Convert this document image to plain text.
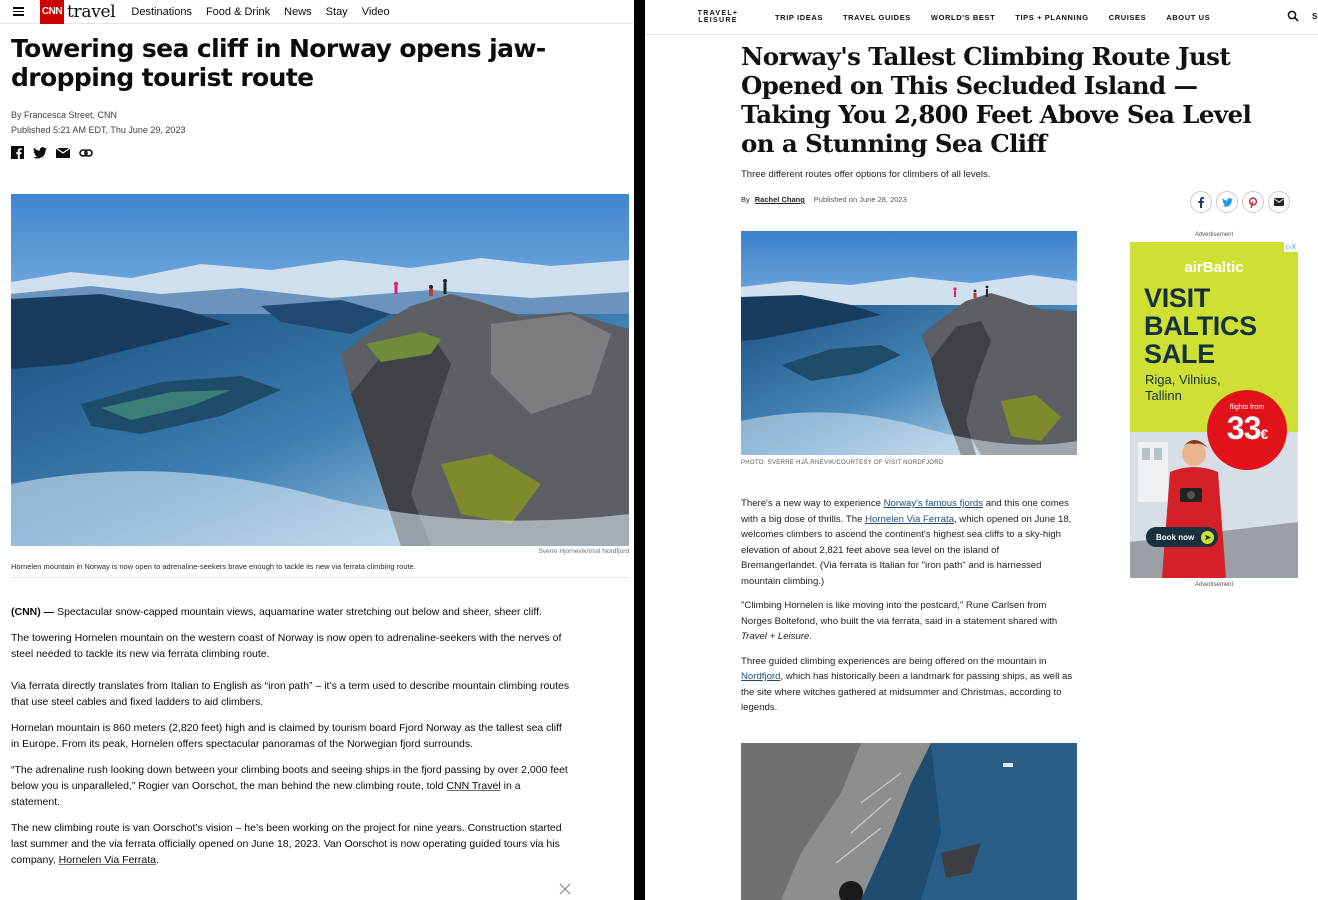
CNN travel Destinations Food & Drink News Stay Video
Towering sea cliff in Norway opens jaw-dropping tourist route
By Francesca Street, CNN
Published 5:21 AM EDT, Thu June 29, 2023
Sverre Hjornevik/Visit Nordfjord
Hornelen mountain in Norway is now open to adrenaline-seekers brave enough to tackle its new via ferrata climbing route.

(CNN) — Spectacular snow-capped mountain views, aquamarine water stretching out below and sheer, sheer cliff.

The towering Hornelen mountain on the western coast of Norway is now open to adrenaline-seekers with the nerves of steel needed to tackle its new via ferrata climbing route.

Via ferrata directly translates from Italian to English as “iron path” – it’s a term used to describe mountain climbing routes that use steel cables and fixed ladders to aid climbers.

Hornelan mountain is 860 meters (2,820 feet) high and is claimed by tourism board Fjord Norway as the tallest sea cliff in Europe. From its peak, Hornelen offers spectacular panoramas of the Norwegian fjord surrounds.

“The adrenaline rush looking down between your climbing boots and seeing ships in the fjord passing by over 2,000 feet below you is unparalleled,” Rogier van Oorschot, the man behind the new climbing route, told CNN Travel in a statement.

The new climbing route is van Oorschot’s vision – he’s been working on the project for nine years. Construction started last summer and the via ferrata officially opened on June 18, 2023. Van Oorschot is now operating guided tours via his company, Hornelen Via Ferrata.

TRAVEL+
LEISURE	TRIP IDEAS	TRAVEL GUIDES	WORLD'S BEST	TIPS + PLANNING	CRUISES	ABOUT US	S
Norway's Tallest Climbing Route Just Opened on This Secluded Island — Taking You 2,800 Feet Above Sea Level on a Stunning Sea Cliff
Three different routes offer options for climbers of all levels.
By Rachel Chang Published on June 28, 2023
PHOTO: SVERRE HJÅ,RNEVIK/COURTESY OF VISIT NORDFJORD

There's a new way to experience Norway's famous fjords and this one comes with a big dose of thrills. The Hornelen Via Ferrata, which opened on June 18, welcomes climbers to ascend the continent's highest sea cliffs to a sky-high elevation of about 2,821 feet above sea level on the island of Bremangerlandet. (Via ferrata is Italian for "iron path" and is harnessed mountain climbing.)

"Climbing Hornelen is like moving into the postcard," Rune Carlsen from Norges Boltefond, who built the via ferrata, said in a statement shared with Travel + Leisure.

Three guided climbing experiences are being offered on the mountain in Nordfjord, which has historically been a landmark for passing ships, as well as the site where witches gathered at midsummer and Christmas, according to legends.

Advertisement
▷X
airBaltic
VISIT
BALTICS
SALE
Riga, Vilnius,
Tallinn
flights from
33€
Book now	➤
Advertisement
